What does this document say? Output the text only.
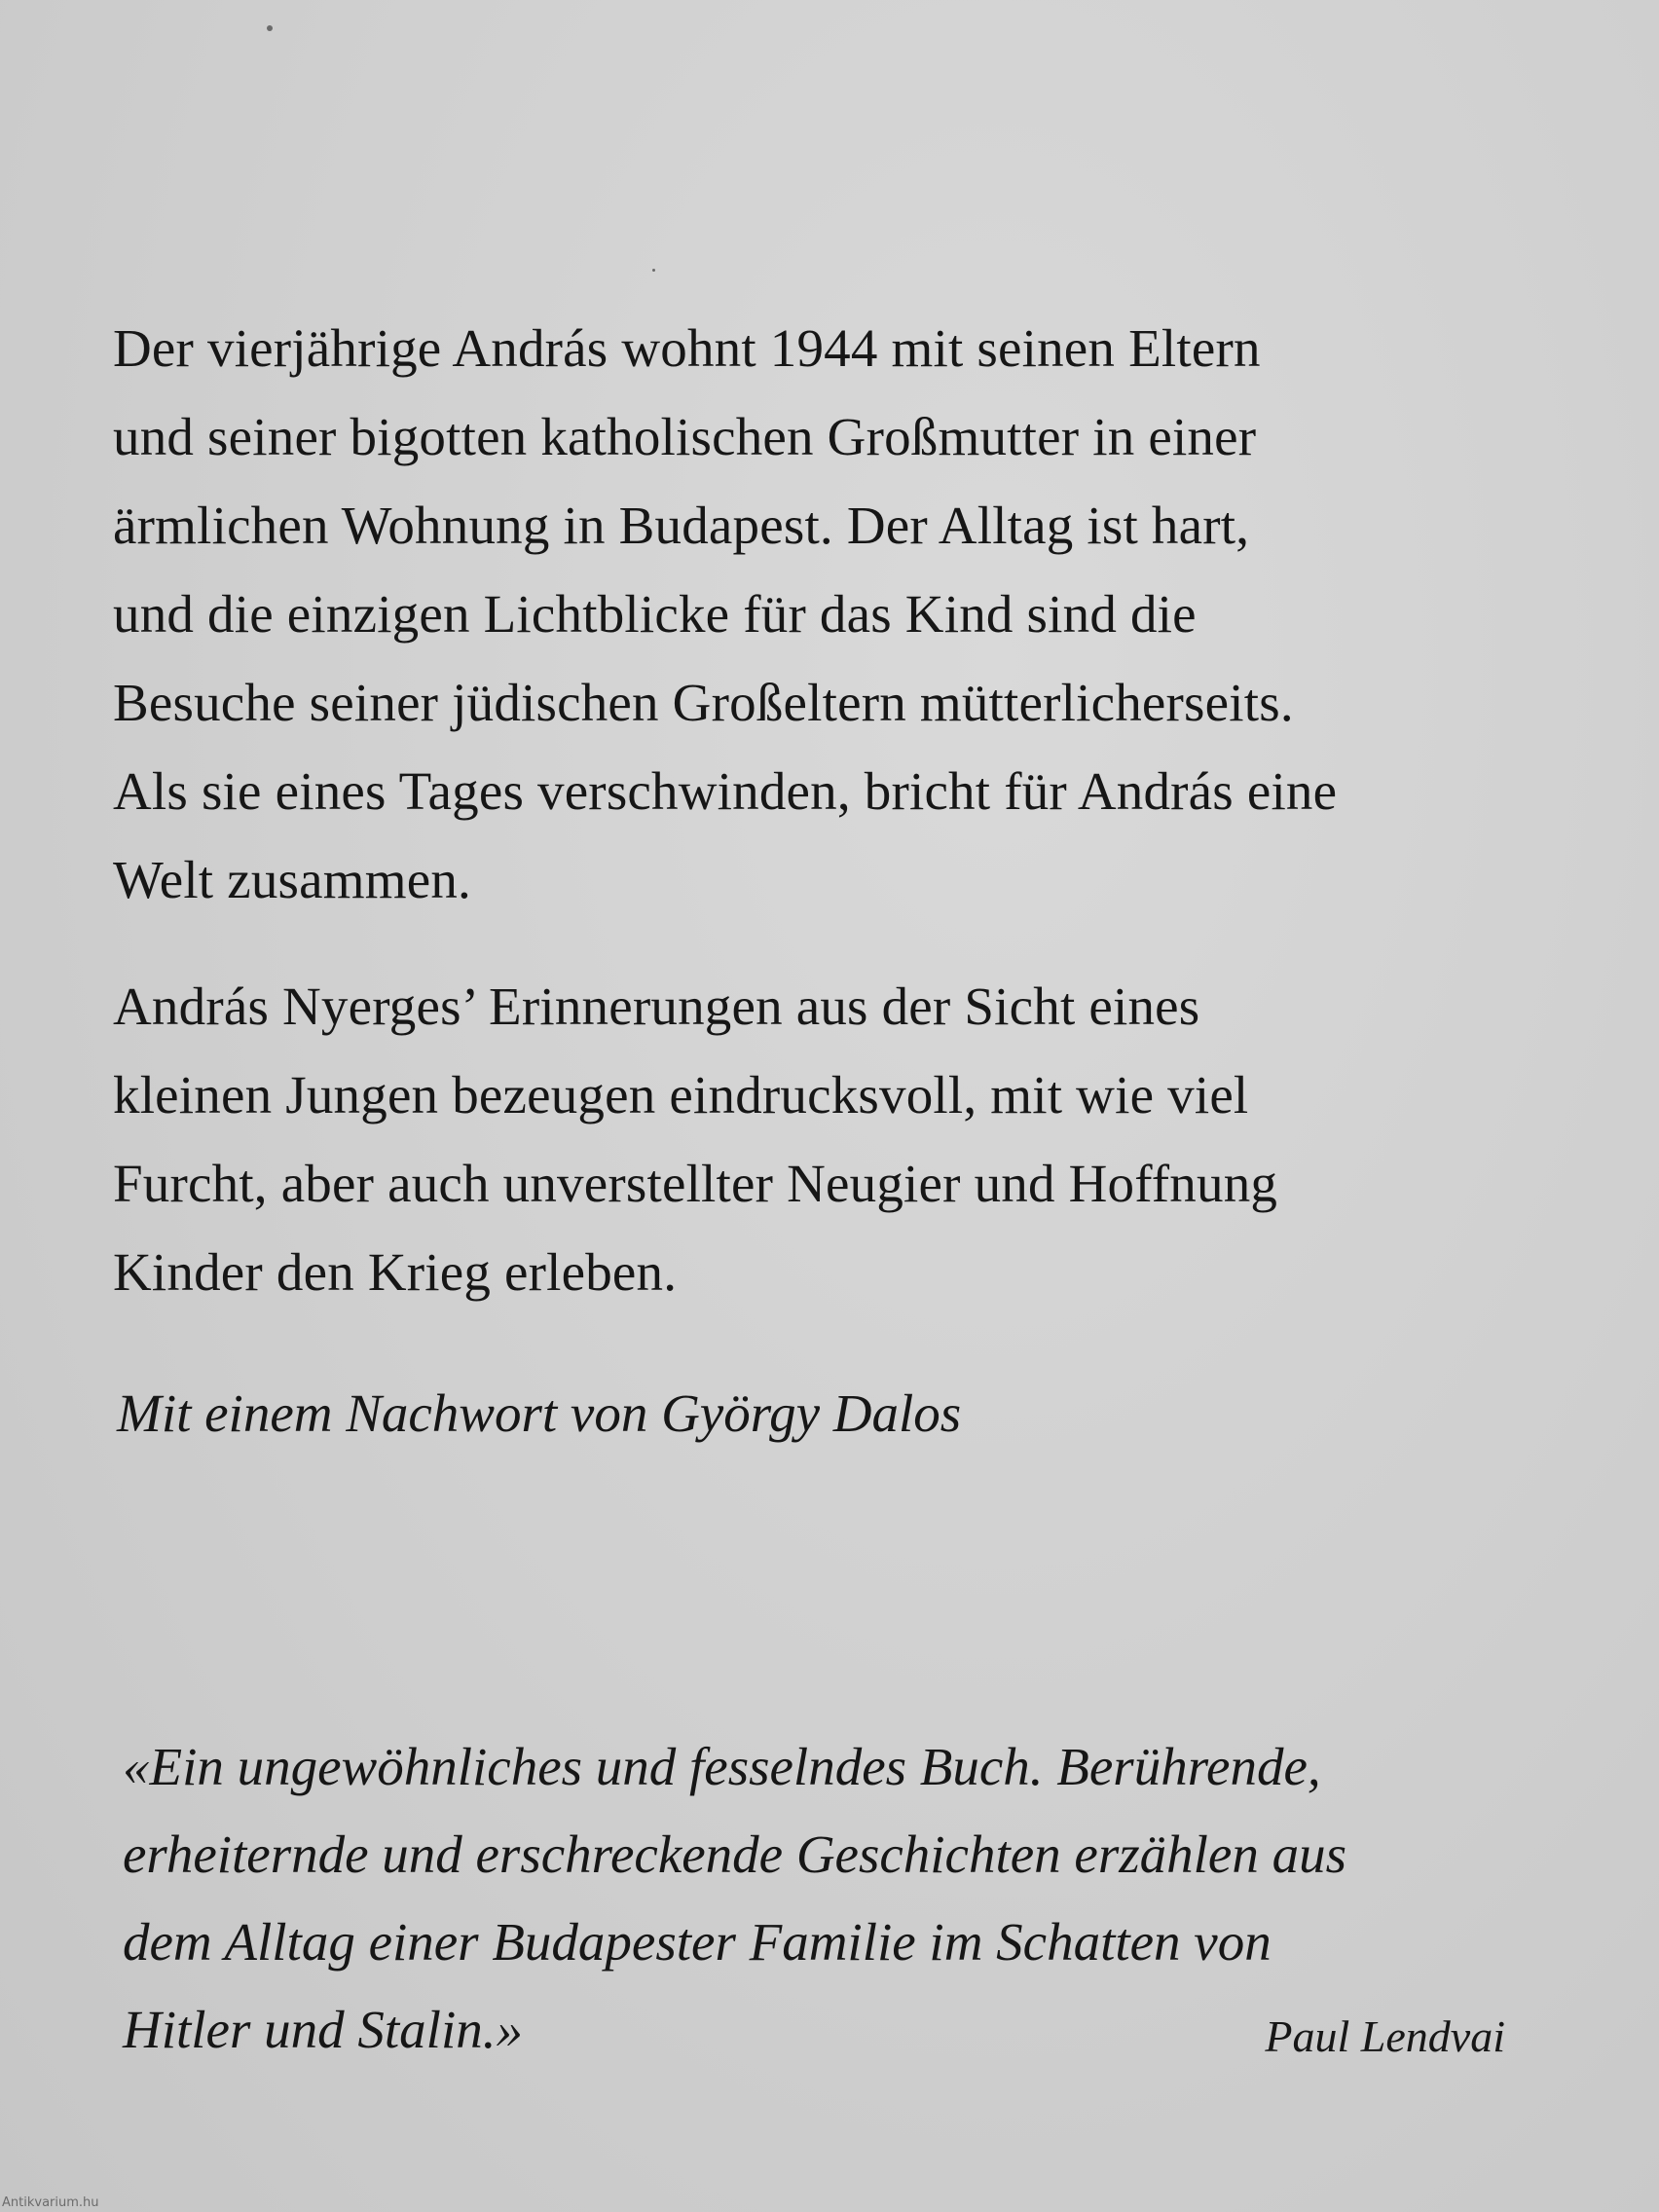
Der vierjährige András wohnt 1944 mit seinen Eltern
und seiner bigotten katholischen Großmutter in einer
ärmlichen Wohnung in Budapest. Der Alltag ist hart,
und die einzigen Lichtblicke für das Kind sind die
Besuche seiner jüdischen Großeltern mütterlicherseits.
Als sie eines Tages verschwinden, bricht für András eine
Welt zusammen.

András Nyerges’ Erinnerungen aus der Sicht eines
kleinen Jungen bezeugen eindrucksvoll, mit wie viel
Furcht, aber auch unverstellter Neugier und Hoffnung
Kinder den Krieg erleben.

Mit einem Nachwort von György Dalos

«Ein ungewöhnliches und fesselndes Buch. Berührende,
erheiternde und erschreckende Geschichten erzählen aus
dem Alltag einer Budapester Familie im Schatten von
Hitler und Stalin.»	Paul Lendvai

Antikvarium.hu
